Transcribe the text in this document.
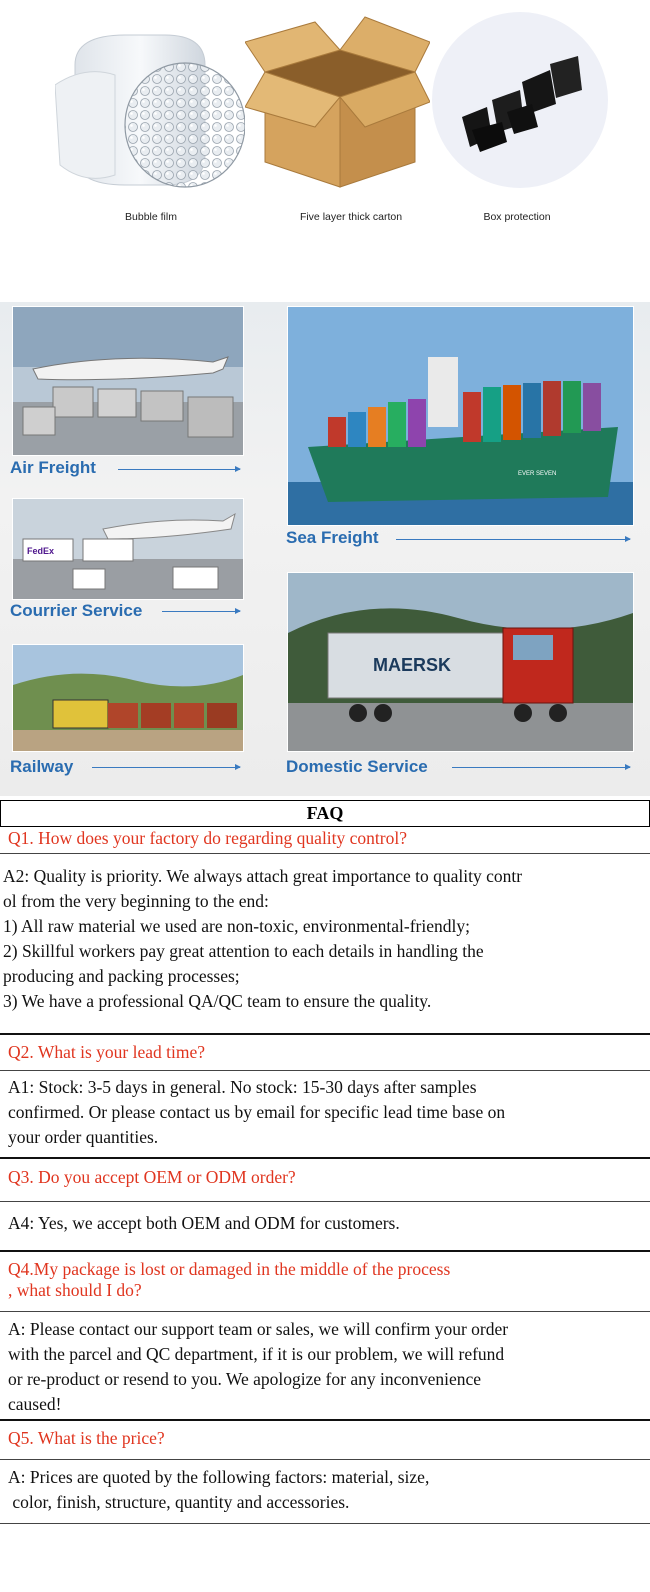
Bubble film	Five layer thick carton	Box protection
Air Freight	EVER SEVEN
Sea Freight
FedEx
Courrier Service
Railway
MAERSK
Domestic Service
FAQ
Q1. How does your factory do regarding quality control?
A2: Quality is priority. We always attach great importance to quality contr
ol from the very beginning to the end:
1) All raw material we used are non-toxic, environmental-friendly;
2) Skillful workers pay great attention to each details in handling the
producing and packing processes;
3) We have a professional QA/QC team to ensure the quality.
Q2. What is your lead time?
A1: Stock: 3-5 days in general. No stock: 15-30 days after samples
confirmed. Or please contact us by email for specific lead time base on
your order quantities.
Q3. Do you accept OEM or ODM order?
A4: Yes, we accept both OEM and ODM for customers.
Q4.My package is lost or damaged in the middle of the process
, what should I do?
A: Please contact our support team or sales, we will confirm your order
with the parcel and QC department, if it is our problem, we will refund
or re-product or resend to you. We apologize for any inconvenience
caused!
Q5. What is the price?
A: Prices are quoted by the following factors: material, size,
color, finish, structure, quantity and accessories.
